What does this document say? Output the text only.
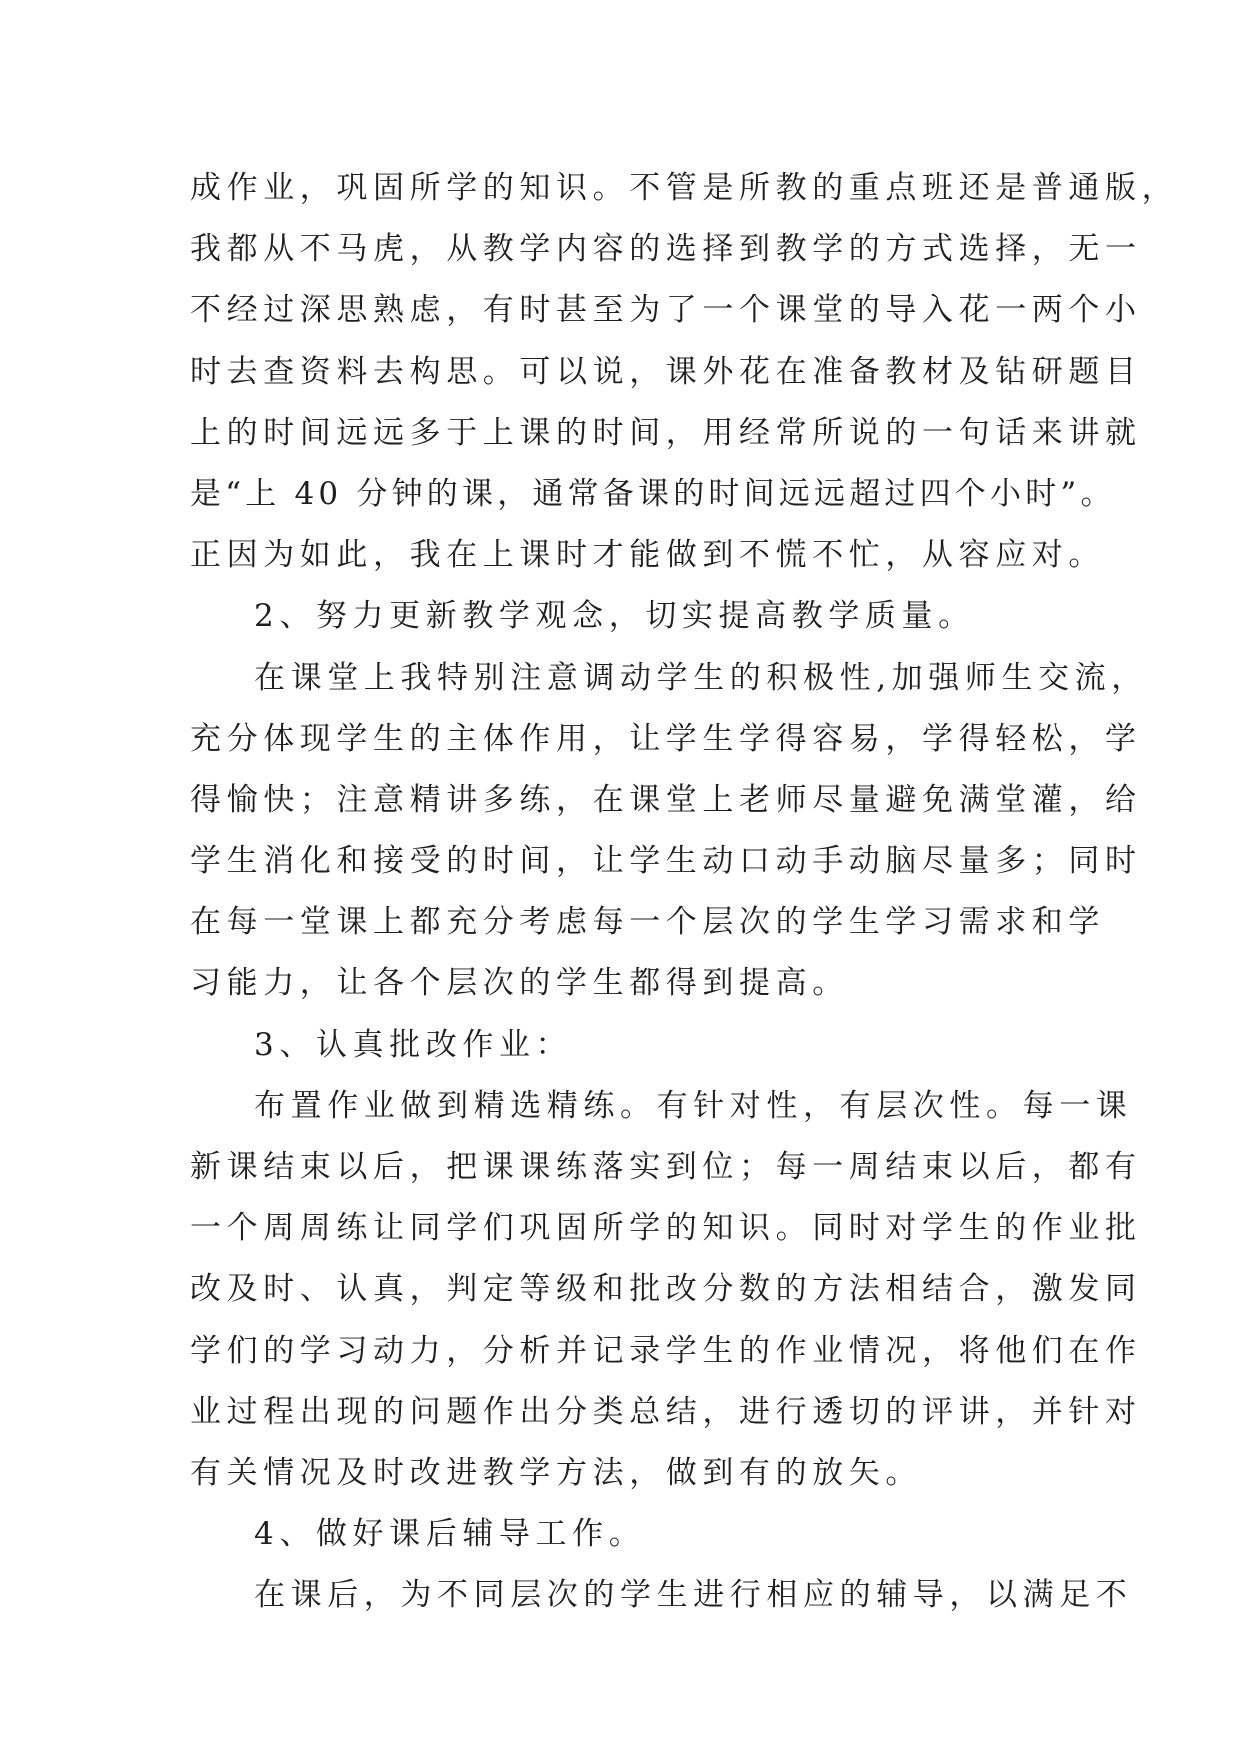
成作业，巩固所学的知识。不管是所教的重点班还是普通版，
我都从不马虎，从教学内容的选择到教学的方式选择，无一
不经过深思熟虑，有时甚至为了一个课堂的导入花一两个小
时去查资料去构思。可以说，课外花在准备教材及钻研题目
上的时间远远多于上课的时间，用经常所说的一句话来讲就
是“上 40 分钟的课，通常备课的时间远远超过四个小时”。
正因为如此，我在上课时才能做到不慌不忙，从容应对。
2、努力更新教学观念，切实提高教学质量。
在课堂上我特别注意调动学生的积极性,加强师生交流，
充分体现学生的主体作用，让学生学得容易，学得轻松，学
得愉快；注意精讲多练，在课堂上老师尽量避免满堂灌，给
学生消化和接受的时间，让学生动口动手动脑尽量多；同时
在每一堂课上都充分考虑每一个层次的学生学习需求和学
习能力，让各个层次的学生都得到提高。
3、认真批改作业：
布置作业做到精选精练。有针对性，有层次性。每一课
新课结束以后，把课课练落实到位；每一周结束以后，都有
一个周周练让同学们巩固所学的知识。同时对学生的作业批
改及时、认真，判定等级和批改分数的方法相结合，激发同
学们的学习动力，分析并记录学生的作业情况，将他们在作
业过程出现的问题作出分类总结，进行透切的评讲，并针对
有关情况及时改进教学方法，做到有的放矢。
4、做好课后辅导工作。
在课后，为不同层次的学生进行相应的辅导，以满足不
